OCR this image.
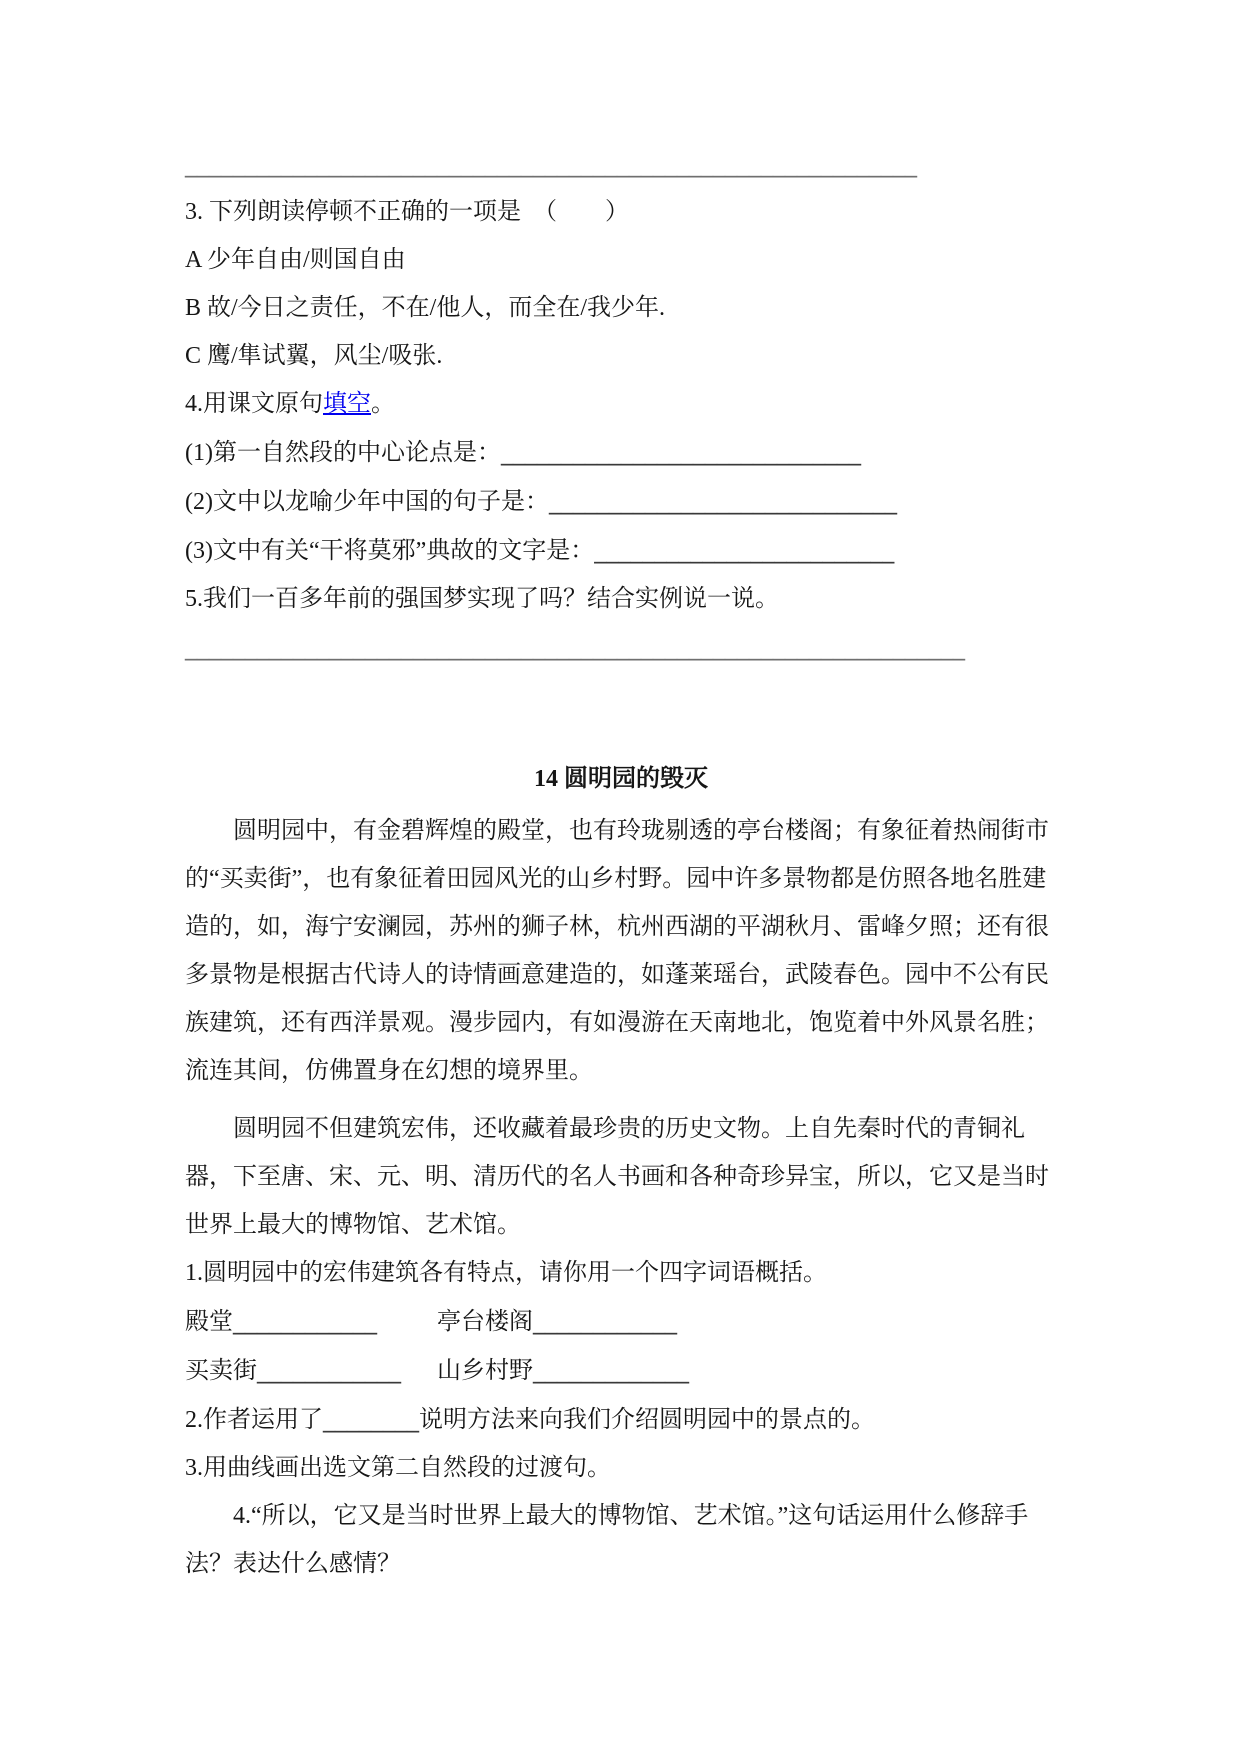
_____________________________________________________________
3. 下列朗读停顿不正确的一项是　（　　）
A 少年自由/则国自由
B 故/今日之责任，不在/他人，而全在/我少年.
C 鹰/隼试翼，风尘/吸张.
4.用课文原句填空。
(1)第一自然段的中心论点是：______________________________
(2)文中以龙喻少年中国的句子是：_____________________________
(3)文中有关“干将莫邪”典故的文字是：_________________________
5.我们一百多年前的强国梦实现了吗？结合实例说一说。
_________________________________________________________________
14 圆明园的毁灭

圆明园中，有金碧辉煌的殿堂，也有玲珑剔透的亭台楼阁；有象征着热闹街市的“买卖街”，也有象征着田园风光的山乡村野。园中许多景物都是仿照各地名胜建造的，如，海宁安澜园，苏州的狮子林，杭州西湖的平湖秋月、雷峰夕照；还有很多景物是根据古代诗人的诗情画意建造的，如蓬莱瑶台，武陵春色。园中不公有民族建筑，还有西洋景观。漫步园内，有如漫游在天南地北，饱览着中外风景名胜；流连其间，仿佛置身在幻想的境界里。

圆明园不但建筑宏伟，还收藏着最珍贵的历史文物。上自先秦时代的青铜礼器，下至唐、宋、元、明、清历代的名人书画和各种奇珍异宝，所以，它又是当时世界上最大的博物馆、艺术馆。

1.圆明园中的宏伟建筑各有特点，请你用一个四字词语概括。
殿堂____________	亭台楼阁____________
买卖街____________ 山乡村野_____________
2.作者运用了________说明方法来向我们介绍圆明园中的景点的。
3.用曲线画出选文第二自然段的过渡句。

4.“所以，它又是当时世界上最大的博物馆、艺术馆。”这句话运用什么修辞手法？表达什么感情？
